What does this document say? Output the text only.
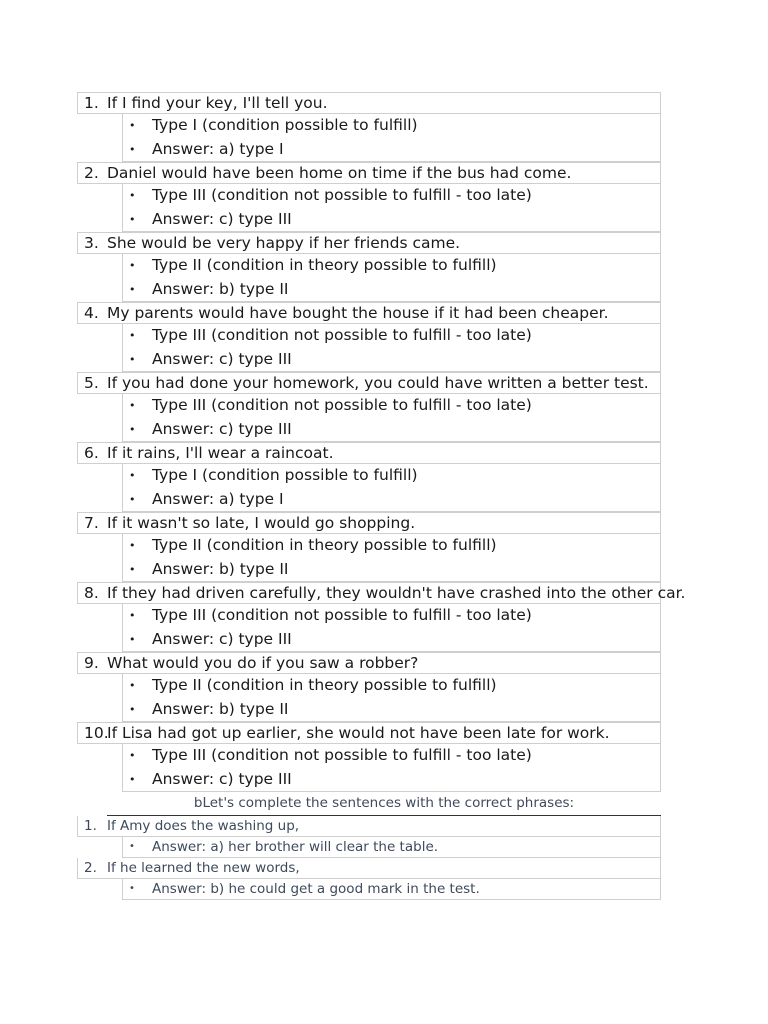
1. If I find your key, I'll tell you.
• Type I (condition possible to fulfill)
• Answer: a) type I
2. Daniel would have been home on time if the bus had come.
• Type III (condition not possible to fulfill - too late)
• Answer: c) type III
3. She would be very happy if her friends came.
• Type II (condition in theory possible to fulfill)
• Answer: b) type II
4. My parents would have bought the house if it had been cheaper.
• Type III (condition not possible to fulfill - too late)
• Answer: c) type III
5. If you had done your homework, you could have written a better test.
• Type III (condition not possible to fulfill - too late)
• Answer: c) type III
6. If it rains, I'll wear a raincoat.
• Type I (condition possible to fulfill)
• Answer: a) type I
7. If it wasn't so late, I would go shopping.
• Type II (condition in theory possible to fulfill)
• Answer: b) type II
8. If they had driven carefully, they wouldn't have crashed into the other car.
• Type III (condition not possible to fulfill - too late)
• Answer: c) type III
9. What would you do if you saw a robber?
• Type II (condition in theory possible to fulfill)
• Answer: b) type II
10.
If Lisa had got up earlier, she would not have been late for work.
• Type III (condition not possible to fulfill - too late)
• Answer: c) type III
bLet's complete the sentences with the correct phrases:
1. If Amy does the washing up,
• Answer: a) her brother will clear the table.
2. If he learned the new words,
• Answer: b) he could get a good mark in the test.
